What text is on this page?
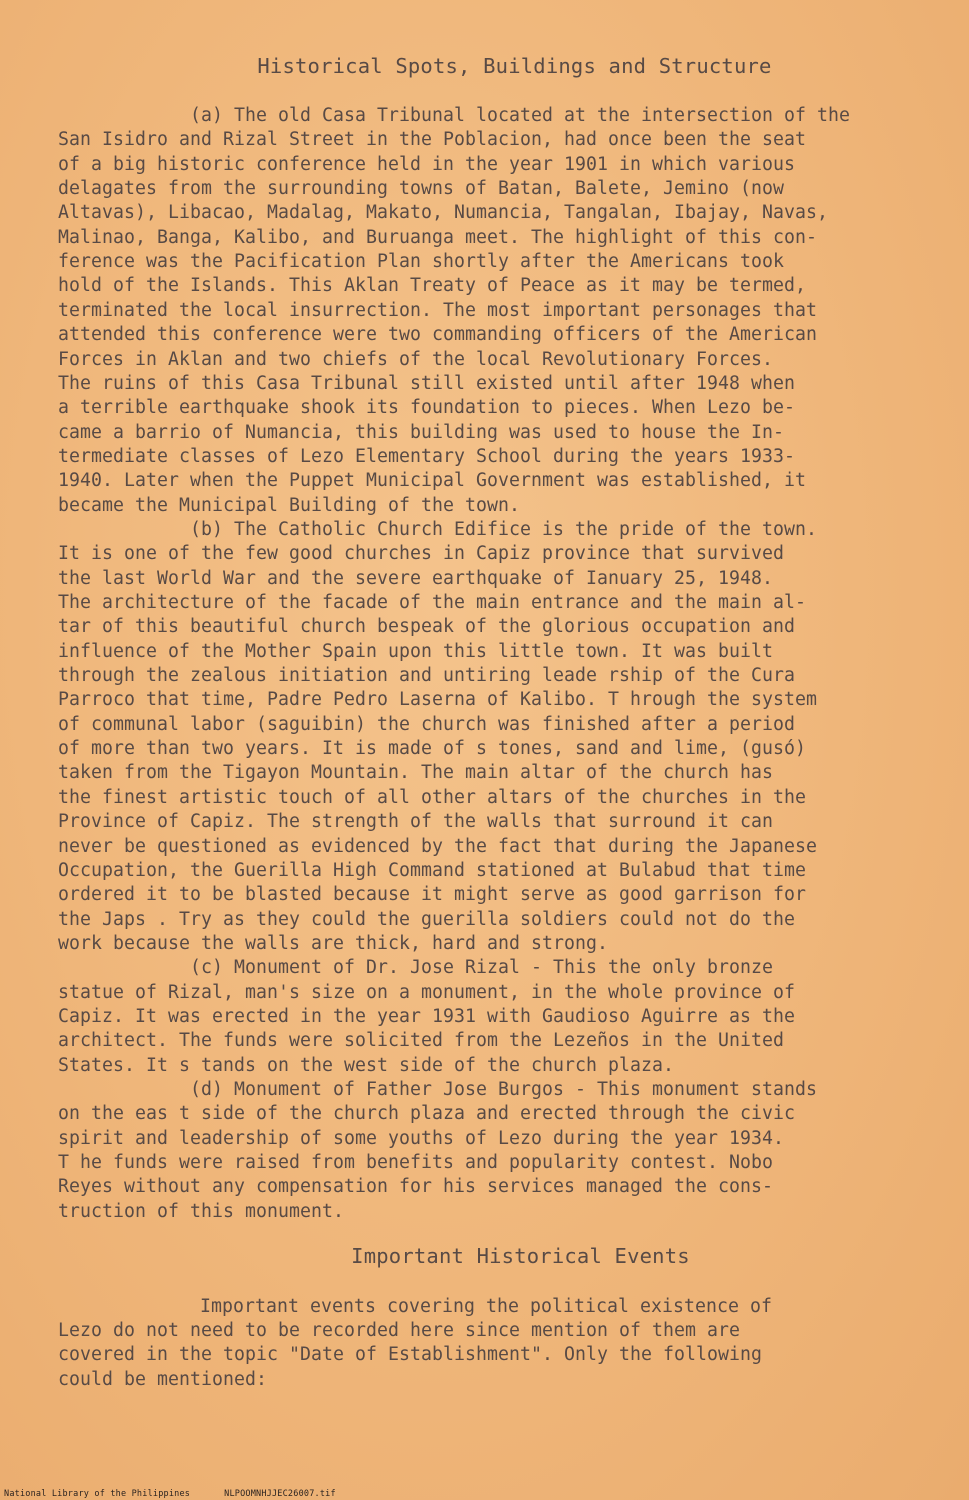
Historical Spots, Buildings and Structure
(a) The old Casa Tribunal located at the intersection of the
San Isidro and Rizal Street in the Poblacion, had once been the seat
of a big historic conference held in the year 1901 in which various
delagates from the surrounding towns of Batan, Balete, Jemino (now
Altavas), Libacao, Madalag, Makato, Numancia, Tangalan, Ibajay, Navas,
Malinao, Banga, Kalibo, and Buruanga meet. The highlight of this con-
ference was the Pacification Plan shortly after the Americans took
hold of the Islands. This Aklan Treaty of Peace as it may be termed,
terminated the local insurrection. The most important personages that
attended this conference were two commanding officers of the American
Forces in Aklan and two chiefs of the local Revolutionary Forces.
The ruins of this Casa Tribunal still existed until after 1948 when
a terrible earthquake shook its foundation to pieces. When Lezo be-
came a barrio of Numancia, this building was used to house the In-
termediate classes of Lezo Elementary School during the years 1933-
1940. Later when the Puppet Municipal Government was established, it
became the Municipal Building of the town.
(b) The Catholic Church Edifice is the pride of the town.
It is one of the few good churches in Capiz province that survived
the last World War and the severe earthquake of Ianuary 25, 1948.
The architecture of the facade of the main entrance and the main al-
tar of this beautiful church bespeak of the glorious occupation and
influence of the Mother Spain upon this little town. It was built
through the zealous initiation and untiring leade rship of the Cura
Parroco that time, Padre Pedro Laserna of Kalibo. T hrough the system
of communal labor (saguibin) the church was finished after a period
of more than two years. It is made of s tones, sand and lime, (gusó)
taken from the Tigayon Mountain. The main altar of the church has
the finest artistic touch of all other altars of the churches in the
Province of Capiz. The strength of the walls that surround it can
never be questioned as evidenced by the fact that during the Japanese
Occupation, the Guerilla High Command stationed at Bulabud that time
ordered it to be blasted because it might serve as good garrison for
the Japs . Try as they could the guerilla soldiers could not do the
work because the walls are thick, hard and strong.
(c) Monument of Dr. Jose Rizal - This the only bronze
statue of Rizal, man's size on a monument, in the whole province of
Capiz. It was erected in the year 1931 with Gaudioso Aguirre as the
architect. The funds were solicited from the Lezeños in the United
States. It s tands on the west side of the church plaza.
(d) Monument of Father Jose Burgos - This monument stands
on the eas t side of the church plaza and erected through the civic
spirit and leadership of some youths of Lezo during the year 1934.
T he funds were raised from benefits and popularity contest. Nobo
Reyes without any compensation for his services managed the cons-
truction of this monument.
Important Historical Events
Important events covering the political existence of
Lezo do not need to be recorded here since mention of them are
covered in the topic "Date of Establishment". Only the following
could be mentioned:
National Library of the Philippines	NLPOOMNHJJEC26007.tif
